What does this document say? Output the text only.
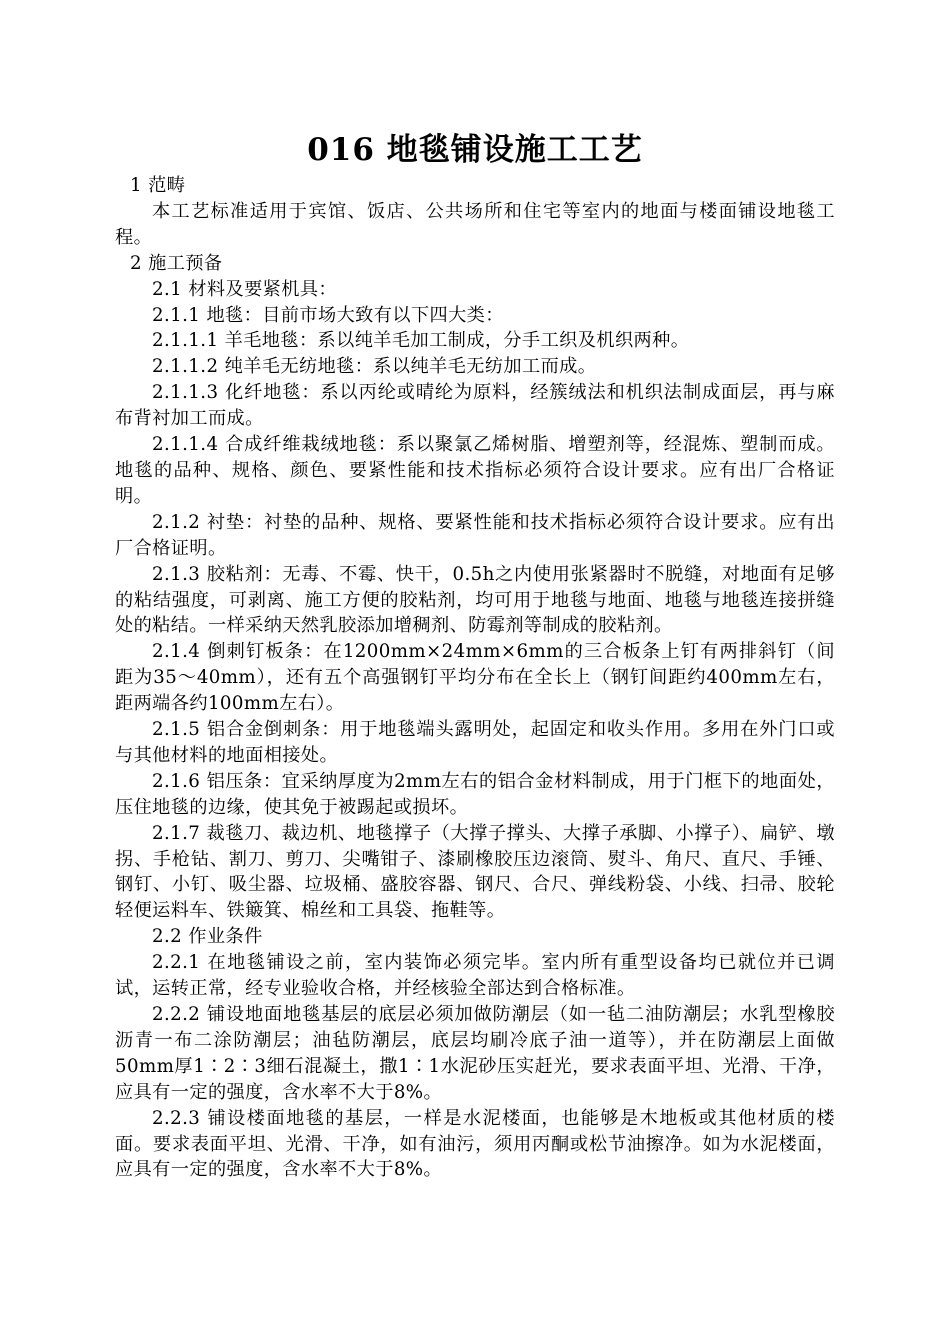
016 地毯铺设施工工艺

1 范畴

本工艺标准适用于宾馆、饭店、公共场所和住宅等室内的地面与楼面铺设地毯工程。

2 施工预备

2.1 材料及要紧机具：

2.1.1 地毯：目前市场大致有以下四大类：

2.1.1.1 羊毛地毯：系以纯羊毛加工制成，分手工织及机织两种。

2.1.1.2 纯羊毛无纺地毯：系以纯羊毛无纺加工而成。

2.1.1.3 化纤地毯：系以丙纶或晴纶为原料，经簇绒法和机织法制成面层，再与麻布背衬加工而成。

2.1.1.4 合成纤维栽绒地毯：系以聚氯乙烯树脂、增塑剂等，经混炼、塑制而成。地毯的品种、规格、颜色、要紧性能和技术指标必须符合设计要求。应有出厂合格证明。

2.1.2 衬垫：衬垫的品种、规格、要紧性能和技术指标必须符合设计要求。应有出厂合格证明。

2.1.3 胶粘剂：无毒、不霉、快干，0.5h之内使用张紧器时不脱缝，对地面有足够的粘结强度，可剥离、施工方便的胶粘剂，均可用于地毯与地面、地毯与地毯连接拼缝处的粘结。一样采纳天然乳胶添加增稠剂、防霉剂等制成的胶粘剂。

2.1.4 倒刺钉板条：在1200mm×24mm×6mm的三合板条上钉有两排斜钉（间距为35～40mm），还有五个高强钢钉平均分布在全长上（钢钉间距约400mm左右，距两端各约100mm左右）。

2.1.5 铝合金倒刺条：用于地毯端头露明处，起固定和收头作用。多用在外门口或与其他材料的地面相接处。

2.1.6 铝压条：宜采纳厚度为2mm左右的铝合金材料制成，用于门框下的地面处，压住地毯的边缘，使其免于被踢起或损坏。

2.1.7 裁毯刀、裁边机、地毯撑子（大撑子撑头、大撑子承脚、小撑子）、扁铲、墩拐、手枪钻、割刀、剪刀、尖嘴钳子、漆刷橡胶压边滚筒、熨斗、角尺、直尺、手锤、钢钉、小钉、吸尘器、垃圾桶、盛胶容器、钢尺、合尺、弹线粉袋、小线、扫帚、胶轮轻便运料车、铁簸箕、棉丝和工具袋、拖鞋等。

2.2 作业条件

2.2.1 在地毯铺设之前，室内装饰必须完毕。室内所有重型设备均已就位并已调试，运转正常，经专业验收合格，并经核验全部达到合格标准。

2.2.2 铺设地面地毯基层的底层必须加做防潮层（如一毡二油防潮层；水乳型橡胶沥青一布二涂防潮层；油毡防潮层，底层均刷冷底子油一道等），并在防潮层上面做50mm厚1∶2∶3细石混凝土，撒1∶1水泥砂压实赶光，要求表面平坦、光滑、干净，应具有一定的强度，含水率不大于8%。

2.2.3 铺设楼面地毯的基层，一样是水泥楼面，也能够是木地板或其他材质的楼面。要求表面平坦、光滑、干净，如有油污，须用丙酮或松节油擦净。如为水泥楼面，应具有一定的强度，含水率不大于8%。
